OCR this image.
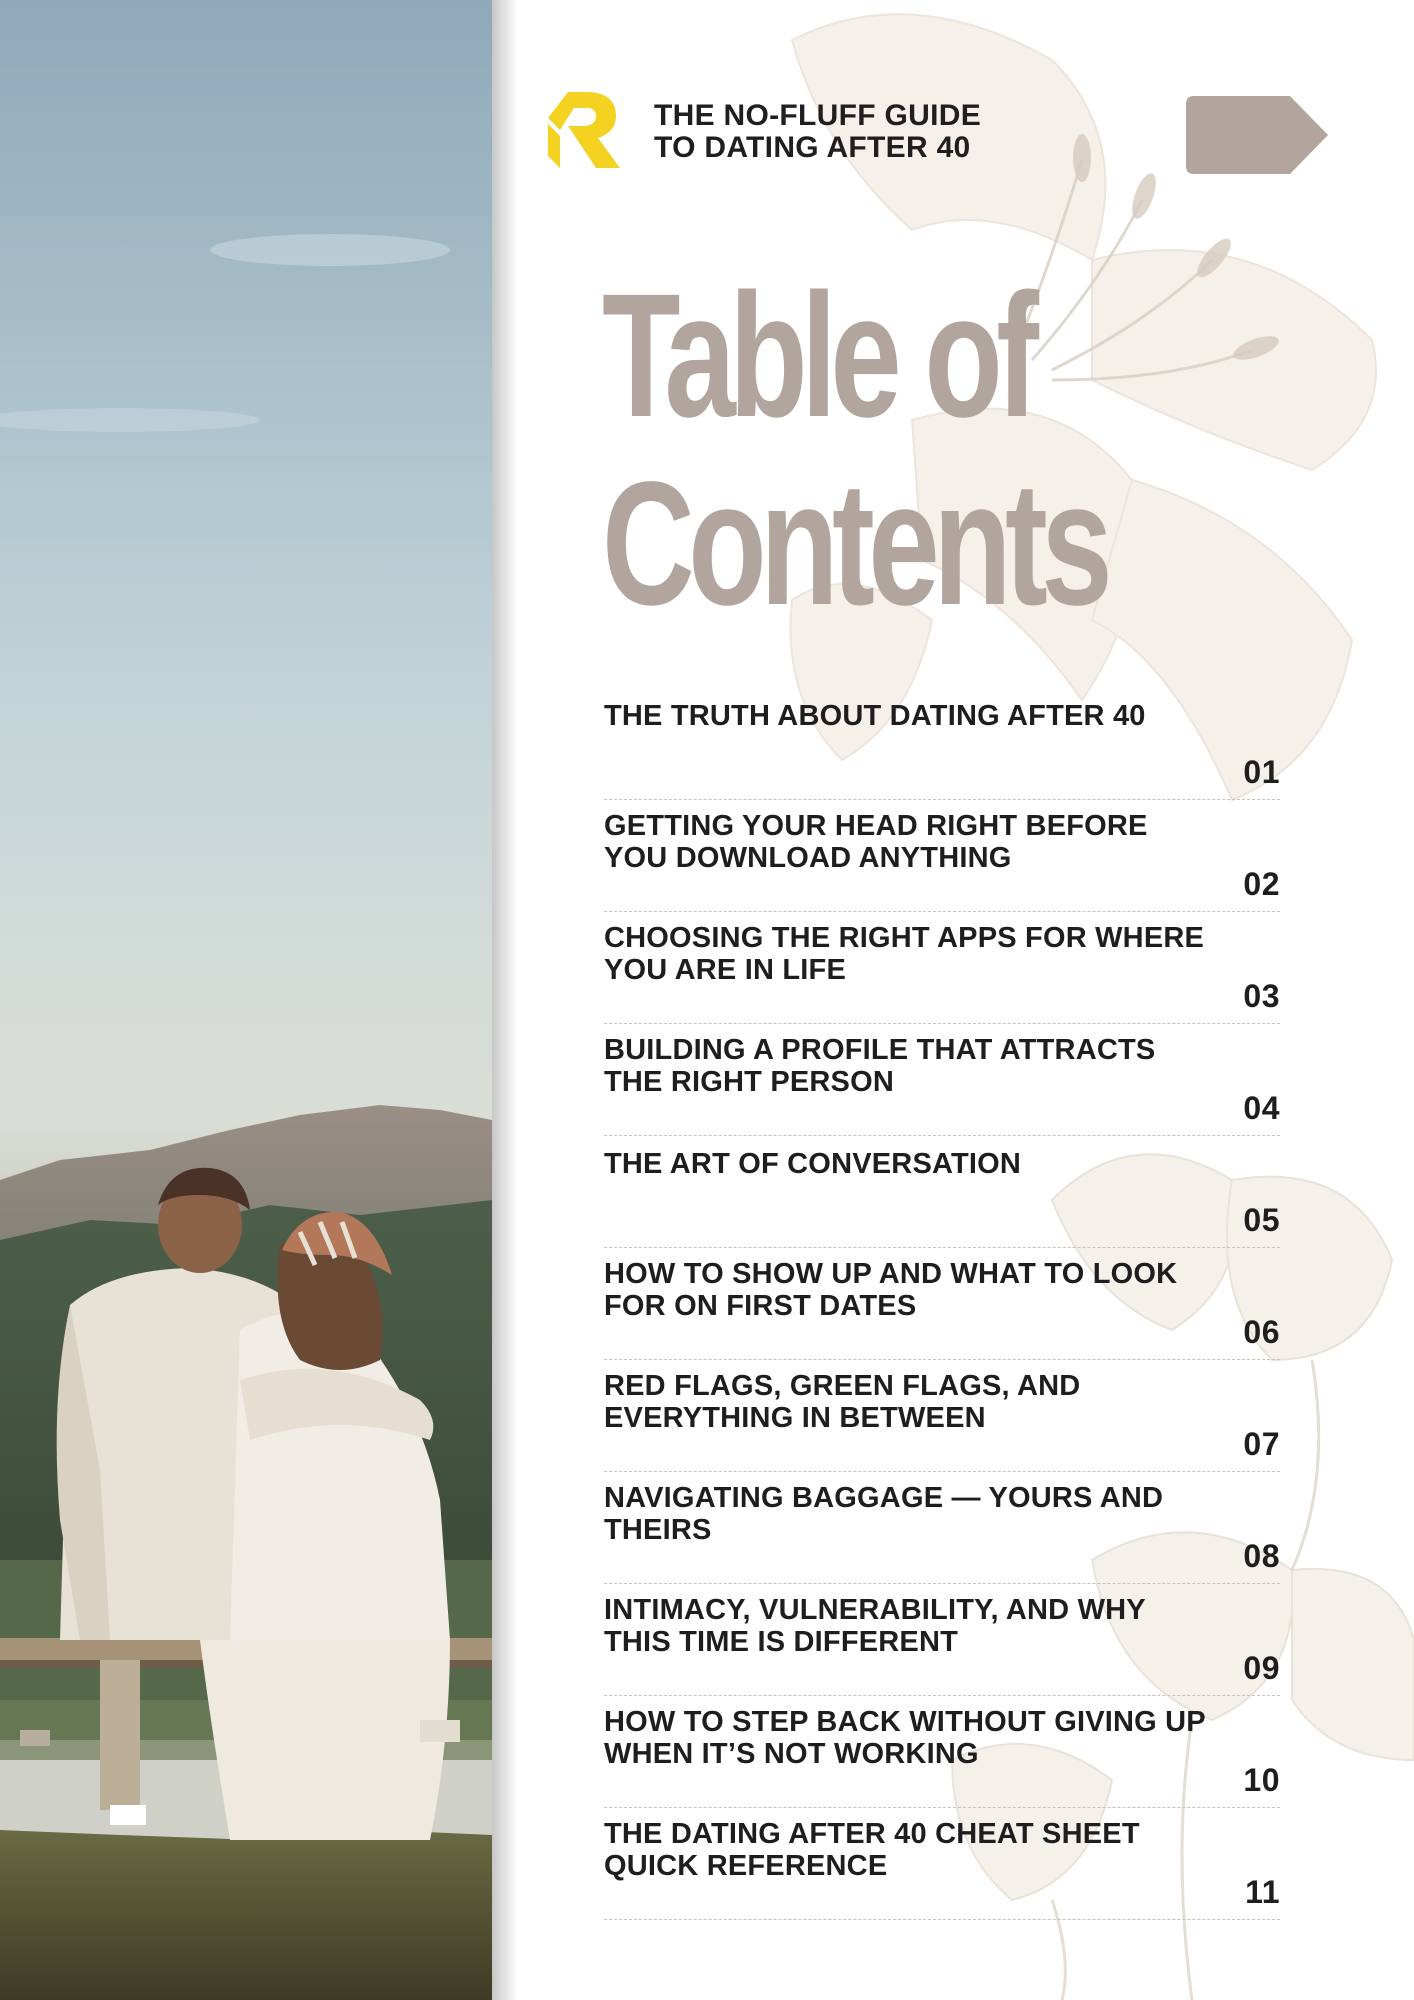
THE NO-FLUFF GUIDE
TO DATING AFTER 40
Table of
Contents
THE TRUTH ABOUT DATING AFTER 40
01
GETTING YOUR HEAD RIGHT BEFORE YOU DOWNLOAD ANYTHING
02
CHOOSING THE RIGHT APPS FOR WHERE YOU ARE IN LIFE
03
BUILDING A PROFILE THAT ATTRACTS THE RIGHT PERSON
04
THE ART OF CONVERSATION
05
HOW TO SHOW UP AND WHAT TO LOOK FOR ON FIRST DATES
06
RED FLAGS, GREEN FLAGS, AND EVERYTHING IN BETWEEN
07
NAVIGATING BAGGAGE — YOURS AND THEIRS
08
INTIMACY, VULNERABILITY, AND WHY THIS TIME IS DIFFERENT
09
HOW TO STEP BACK WITHOUT GIVING UP WHEN IT’S NOT WORKING
10
THE DATING AFTER 40 CHEAT SHEET QUICK REFERENCE
11
